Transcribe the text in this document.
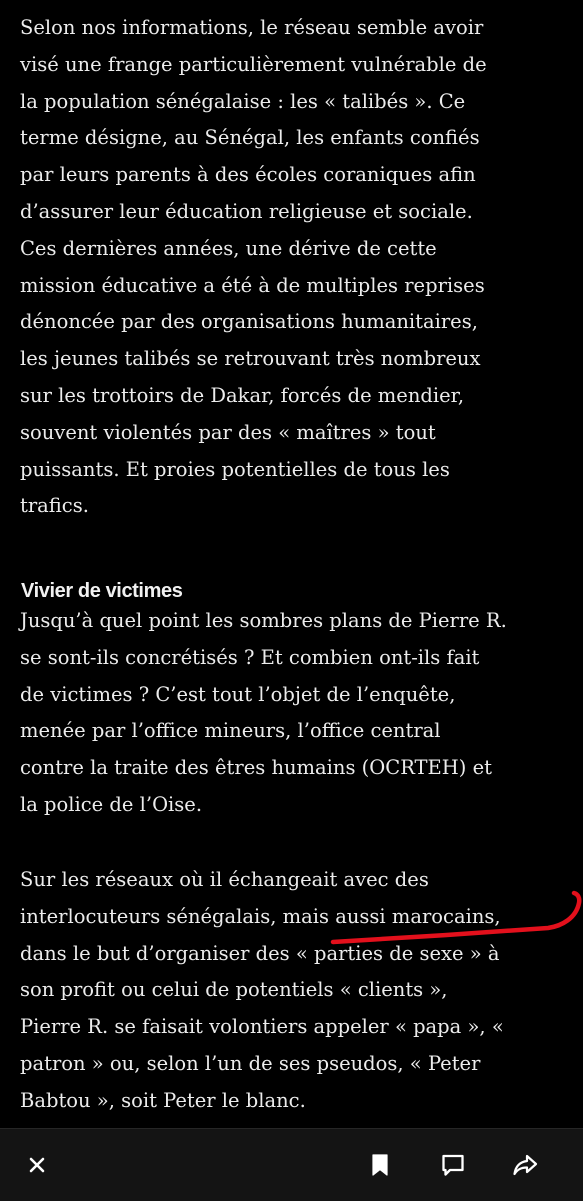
Selon nos informations, le réseau semble avoir
visé une frange particulièrement vulnérable de
la population sénégalaise : les « talibés ». Ce
terme désigne, au Sénégal, les enfants confiés
par leurs parents à des écoles coraniques afin
d’assurer leur éducation religieuse et sociale.
Ces dernières années, une dérive de cette
mission éducative a été à de multiples reprises
dénoncée par des organisations humanitaires,
les jeunes talibés se retrouvant très nombreux
sur les trottoirs de Dakar, forcés de mendier,
souvent violentés par des « maîtres » tout
puissants. Et proies potentielles de tous les
trafics.

Vivier de victimes

Jusqu’à quel point les sombres plans de Pierre R.
se sont-ils concrétisés ? Et combien ont-ils fait
de victimes ? C’est tout l’objet de l’enquête,
menée par l’office mineurs, l’office central
contre la traite des êtres humains (OCRTEH) et
la police de l’Oise.

Sur les réseaux où il échangeait avec des
interlocuteurs sénégalais, mais aussi marocains,
dans le but d’organiser des « parties de sexe » à
son profit ou celui de potentiels « clients »,
Pierre R. se faisait volontiers appeler « papa », «
patron » ou, selon l’un de ses pseudos, « Peter
Babtou », soit Peter le blanc.
